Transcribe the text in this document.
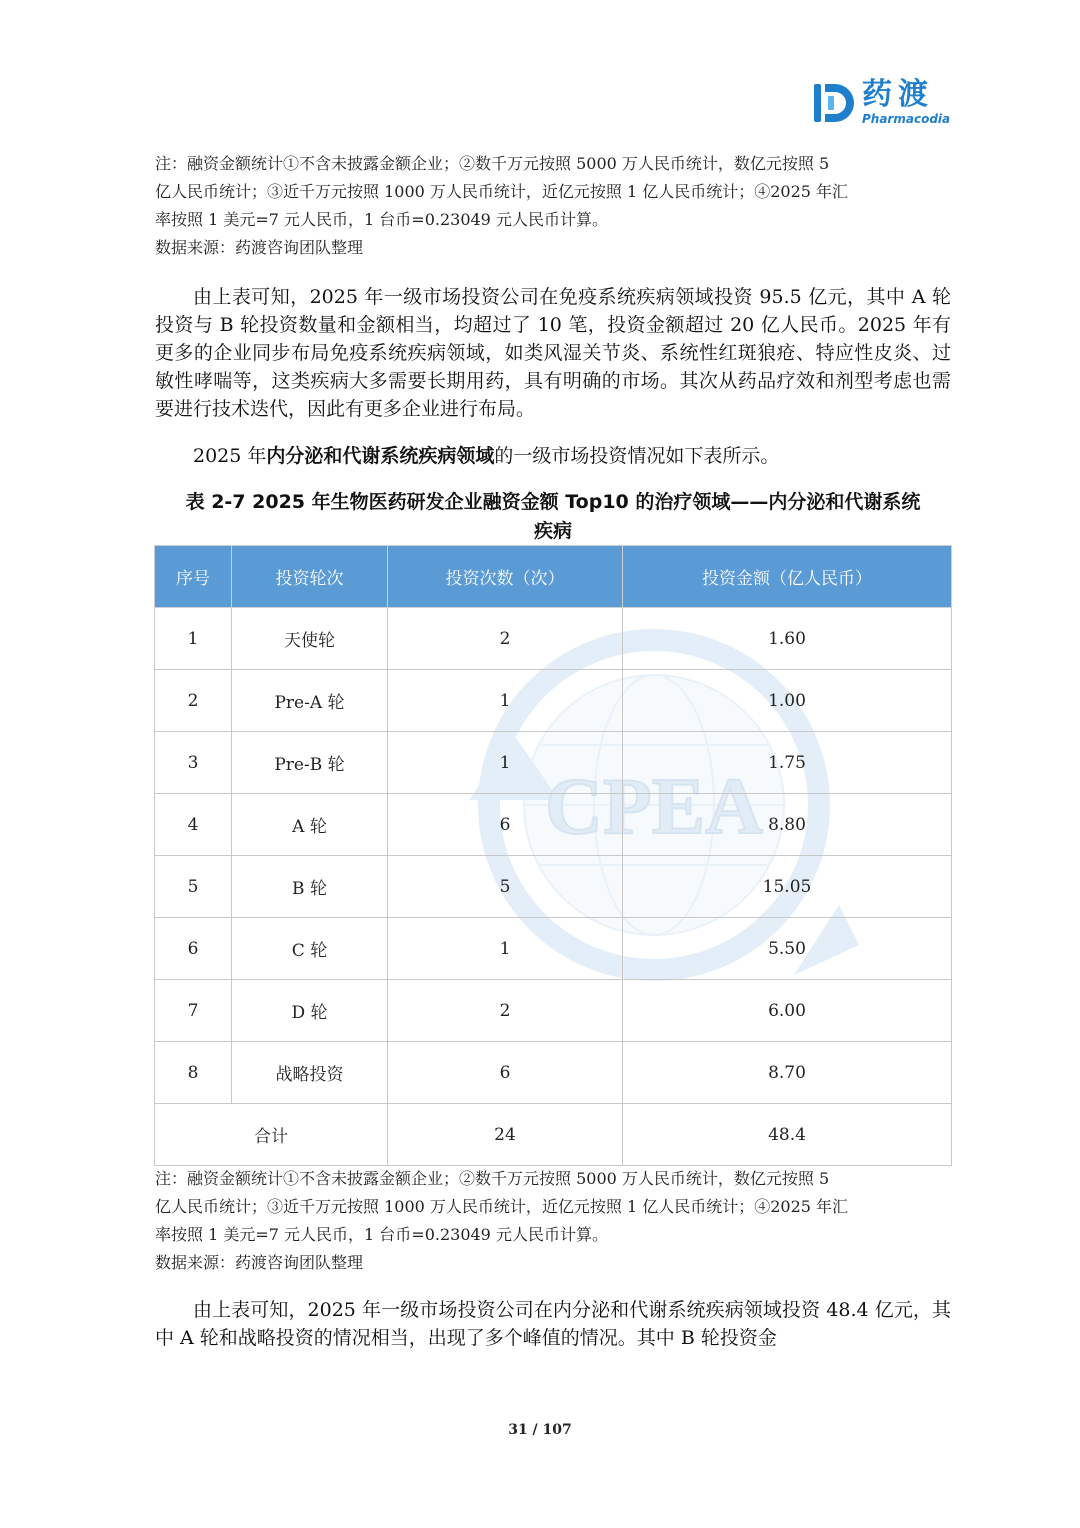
药渡
Pharmacodia
注：融资金额统计①不含未披露金额企业；②数千万元按照 5000 万人民币统计，数亿元按照 5
亿人民币统计；③近千万元按照 1000 万人民币统计，近亿元按照 1 亿人民币统计；④2025 年汇
率按照 1 美元=7 元人民币，1 台币=0.23049 元人民币计算。
数据来源：药渡咨询团队整理
由上表可知，2025 年一级市场投资公司在免疫系统疾病领域投资 95.5 亿元，其中 A 轮投资与 B 轮投资数量和金额相当，均超过了 10 笔，投资金额超过 20 亿人民币。2025 年有更多的企业同步布局免疫系统疾病领域，如类风湿关节炎、系统性红斑狼疮、特应性皮炎、过敏性哮喘等，这类疾病大多需要长期用药，具有明确的市场。其次从药品疗效和剂型考虑也需要进行技术迭代，因此有更多企业进行布局。
2025 年内分泌和代谢系统疾病领域的一级市场投资情况如下表所示。
表 2-7 2025 年生物医药研发企业融资金额 Top10 的治疗领域——内分泌和代谢系统
疾病
CPEA
序号	投资轮次	投资次数（次）	投资金额（亿人民币）
1	天使轮	2	1.60
2	Pre-A 轮	1	1.00
3	Pre-B 轮	1	1.75
4	A 轮	6	8.80
5	B 轮	5	15.05
6	C 轮	1	5.50
7	D 轮	2	6.00
8	战略投资	6	8.70
合计		24	48.4
注：融资金额统计①不含未披露金额企业；②数千万元按照 5000 万人民币统计，数亿元按照 5
亿人民币统计；③近千万元按照 1000 万人民币统计，近亿元按照 1 亿人民币统计；④2025 年汇
率按照 1 美元=7 元人民币，1 台币=0.23049 元人民币计算。
数据来源：药渡咨询团队整理
由上表可知，2025 年一级市场投资公司在内分泌和代谢系统疾病领域投资 48.4 亿元，其中 A 轮和战略投资的情况相当，出现了多个峰值的情况。其中 B 轮投资金
31 / 107
